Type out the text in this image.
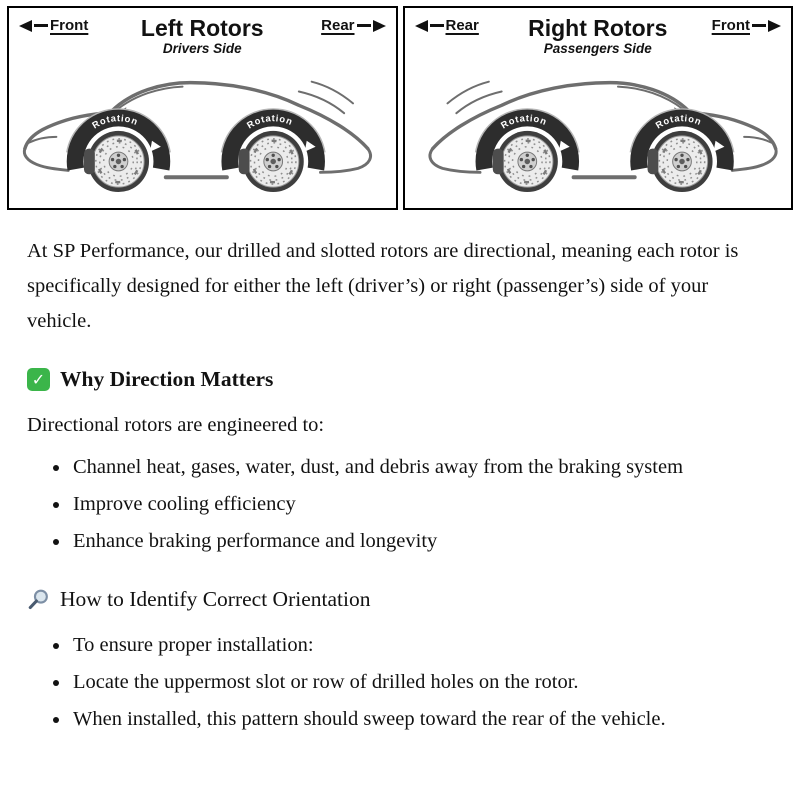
Front	Rear
Left Rotors
Drivers Side
Rotation	Rotation
Rear	Front
Right Rotors
Passengers Side
Rotation
Rotation

At SP Performance, our drilled and slotted rotors are directional, meaning each rotor is specifically designed for either the left (driver’s) or right (passenger’s) side of your vehicle.

✓ Why Direction Matters

Directional rotors are engineered to:

• Channel heat, gases, water, dust, and debris away from the braking system
• Improve cooling efficiency
• Enhance braking performance and longevity
How to Identify Correct Orientation
• To ensure proper installation:
• Locate the uppermost slot or row of drilled holes on the rotor.
• When installed, this pattern should sweep toward the rear of the vehicle.
